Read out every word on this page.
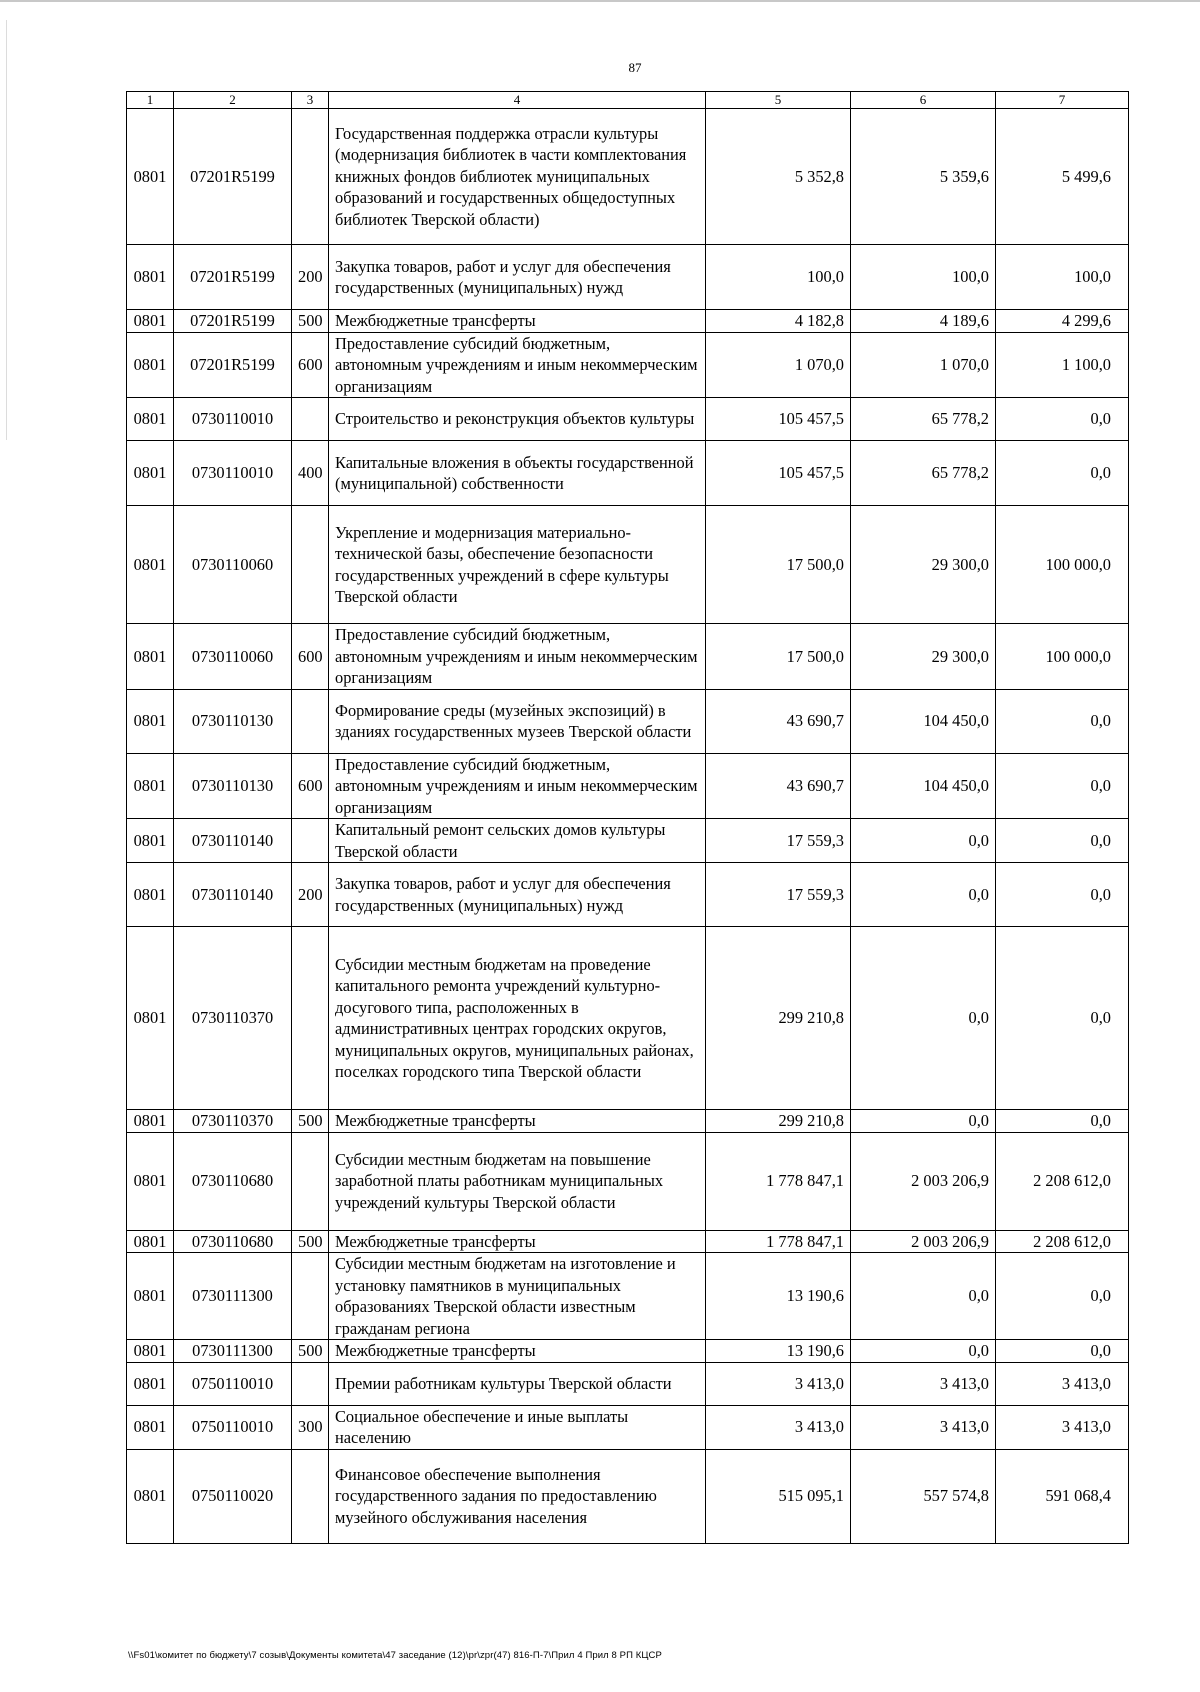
87
1	2	3	4	5	6	7
0801	07201R5199		Государственная поддержка отрасли культуры (модернизация библиотек в части комплектования книжных фондов библиотек муниципальных образований и государственных общедоступных библиотек Тверской области)	5 352,8	5 359,6	5 499,6
0801	07201R5199	200	Закупка товаров, работ и услуг для обеспечения государственных (муниципальных) нужд	100,0	100,0	100,0
0801	07201R5199	500	Межбюджетные трансферты	4 182,8	4 189,6	4 299,6
0801	07201R5199	600	Предоставление субсидий бюджетным, автономным учреждениям и иным некоммерческим организациям	1 070,0	1 070,0	1 100,0
0801	0730110010		Строительство и реконструкция объектов культуры	105 457,5	65 778,2	0,0
0801	0730110010	400	Капитальные вложения в объекты государственной (муниципальной) собственности	105 457,5	65 778,2	0,0
0801	0730110060		Укрепление и модернизация материально-технической базы, обеспечение безопасности государственных учреждений в сфере культуры Тверской области	17 500,0	29 300,0	100 000,0
0801	0730110060	600	Предоставление субсидий бюджетным, автономным учреждениям и иным некоммерческим организациям	17 500,0	29 300,0	100 000,0
0801	0730110130		Формирование среды (музейных экспозиций) в зданиях государственных музеев Тверской области	43 690,7	104 450,0	0,0
0801	0730110130	600	Предоставление субсидий бюджетным, автономным учреждениям и иным некоммерческим организациям	43 690,7	104 450,0	0,0
0801	0730110140		Капитальный ремонт сельских домов культуры Тверской области	17 559,3	0,0	0,0
0801	0730110140	200	Закупка товаров, работ и услуг для обеспечения государственных (муниципальных) нужд	17 559,3	0,0	0,0
0801	0730110370		Субсидии местным бюджетам на проведение капитального ремонта учреждений культурно-досугового типа, расположенных в административных центрах городских округов, муниципальных округов, муниципальных районах, поселках городского типа Тверской области	299 210,8	0,0	0,0
0801	0730110370	500	Межбюджетные трансферты	299 210,8	0,0	0,0
0801	0730110680		Субсидии местным бюджетам на повышение заработной платы работникам муниципальных учреждений культуры Тверской области	1 778 847,1	2 003 206,9	2 208 612,0
0801	0730110680	500	Межбюджетные трансферты	1 778 847,1	2 003 206,9	2 208 612,0
0801	0730111300		Субсидии местным бюджетам на изготовление и установку памятников в муниципальных образованиях Тверской области известным гражданам региона	13 190,6	0,0	0,0
0801	0730111300	500	Межбюджетные трансферты	13 190,6	0,0	0,0
0801	0750110010		Премии работникам культуры Тверской области	3 413,0	3 413,0	3 413,0
0801	0750110010	300	Социальное обеспечение и иные выплаты населению	3 413,0	3 413,0	3 413,0
0801	0750110020		Финансовое обеспечение выполнения государственного задания по предоставлению музейного обслуживания населения	515 095,1	557 574,8	591 068,4
\\Fs01\комитет по бюджету\7 созыв\Документы комитета\47 заседание (12)\pr\zpr(47) 816-П-7\Прил 4 Прил 8 РП КЦСР
